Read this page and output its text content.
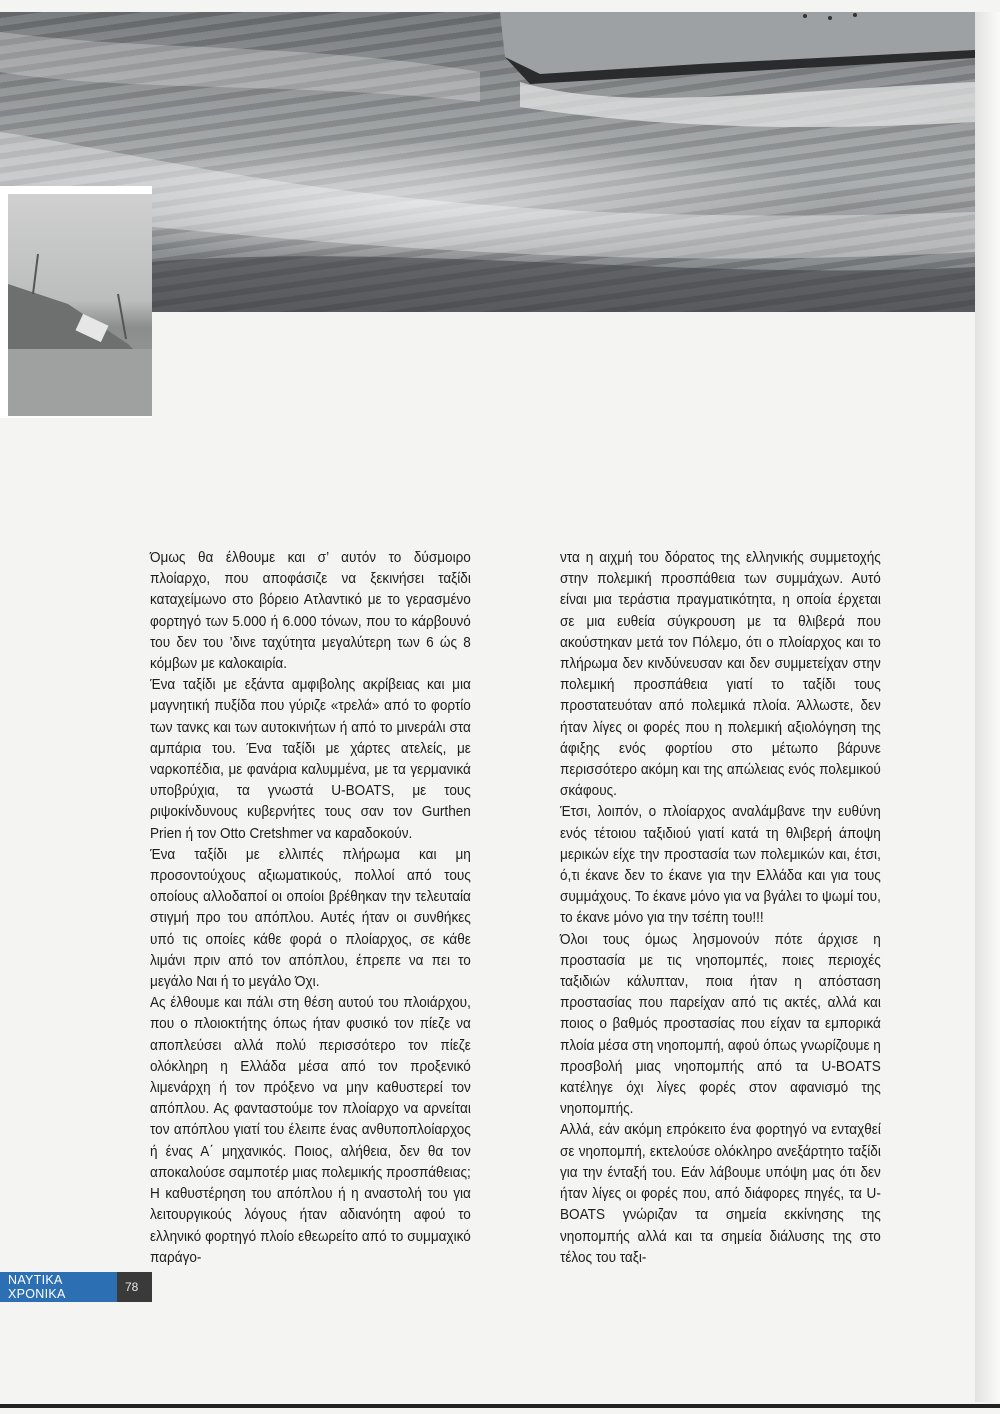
Όμως θα έλθουμε και σ’ αυτόν το δύσμοιρο πλοίαρχο, που αποφάσιζε να ξεκινήσει ταξίδι καταχείμωνο στο βόρειο Ατλαντικό με το γερασμένο φορτηγό των 5.000 ή 6.000 τόνων, που το κάρβουνό του δεν του ’δινε ταχύτητα μεγαλύτερη των 6 ώς 8 κόμβων με καλοκαιρία.

Ένα ταξίδι με εξάντα αμφιβολης ακρίβειας και μια μαγνητική πυξίδα που γύριζε «τρελά» από το φορτίο των τανκς και των αυτοκινήτων ή από το μινεράλι στα αμπάρια του. Ένα ταξίδι με χάρτες ατελείς, με ναρκοπέδια, με φανάρια καλυμμένα, με τα γερμανικά υποβρύχια, τα γνωστά U-BOATS, με τους ριψοκίνδυνους κυβερνήτες τους σαν τον Gurthen Prien ή τον Otto Cretshmer να καραδοκούν.

Ένα ταξίδι με ελλιπές πλήρωμα και μη προσοντούχους αξιωματικούς, πολλοί από τους οποίους αλλοδαποί οι οποίοι βρέθηκαν την τελευταία στιγμή προ του απόπλου. Αυτές ήταν οι συνθήκες υπό τις οποίες κάθε φορά ο πλοίαρχος, σε κάθε λιμάνι πριν από τον απόπλου, έπρεπε να πει το μεγάλο Ναι ή το μεγάλο Όχι.

Ας έλθουμε και πάλι στη θέση αυτού του πλοιάρχου, που ο πλοιοκτήτης όπως ήταν φυσικό τον πίεζε να αποπλεύσει αλλά πολύ περισσότερο τον πίεζε ολόκληρη η Ελλάδα μέσα από τον προξενικό λιμενάρχη ή τον πρόξενο να μην καθυστερεί τον απόπλου. Ας φανταστούμε τον πλοίαρχο να αρνείται τον απόπλου γιατί του έλειπε ένας ανθυποπλοίαρχος ή ένας Α΄ μηχανικός. Ποιος, αλήθεια, δεν θα τον αποκαλούσε σαμποτέρ μιας πολεμικής προσπάθειας;

Η καθυστέρηση του απόπλου ή η αναστολή του για λειτουργικούς λόγους ήταν αδιανόητη αφού το ελληνικό φορτηγό πλοίο εθεωρείτο από το συμμαχικό παράγο-

ντα η αιχμή του δόρατος της ελληνικής συμμετοχής στην πολεμική προσπάθεια των συμμάχων. Αυτό είναι μια τεράστια πραγματικότητα, η οποία έρχεται σε μια ευθεία σύγκρουση με τα θλιβερά που ακούστηκαν μετά τον Πόλεμο, ότι ο πλοίαρχος και το πλήρωμα δεν κινδύνευσαν και δεν συμμετείχαν στην πολεμική προσπάθεια γιατί το ταξίδι τους προστατευόταν από πολεμικά πλοία. Άλλωστε, δεν ήταν λίγες οι φορές που η πολεμική αξιολόγηση της άφιξης ενός φορτίου στο μέτωπο βάρυνε περισσότερο ακόμη και της απώλειας ενός πολεμικού σκάφους.

Έτσι, λοιπόν, ο πλοίαρχος αναλάμβανε την ευθύνη ενός τέτοιου ταξιδιού γιατί κατά τη θλιβερή άποψη μερικών είχε την προστασία των πολεμικών και, έτσι, ό,τι έκανε δεν το έκανε για την Ελλάδα και για τους συμμάχους. Το έκανε μόνο για να βγάλει το ψωμί του, το έκανε μόνο για την τσέπη του!!!

Όλοι τους όμως λησμονούν πότε άρχισε η προστασία με τις νηοπομπές, ποιες περιοχές ταξιδιών κάλυπταν, ποια ήταν η απόσταση προστασίας που παρείχαν από τις ακτές, αλλά και ποιος ο βαθμός προστασίας που είχαν τα εμπορικά πλοία μέσα στη νηοπομπή, αφού όπως γνωρίζουμε η προσβολή μιας νηοπομπής από τα U-BOATS κατέληγε όχι λίγες φορές στον αφανισμό της νηοπομπής.

Αλλά, εάν ακόμη επρόκειτο ένα φορτηγό να ενταχθεί σε νηοπομπή, εκτελούσε ολόκληρο ανεξάρτητο ταξίδι για την ένταξή του. Εάν λάβουμε υπόψη μας ότι δεν ήταν λίγες οι φορές που, από διάφορες πηγές, τα U-BOATS γνώριζαν τα σημεία εκκίνησης της νηοπομπής αλλά και τα σημεία διάλυσης της στο τέλος του ταξι-

ΝΑΥΤΙΚΑ ΧΡΟΝΙΚΑ	78
